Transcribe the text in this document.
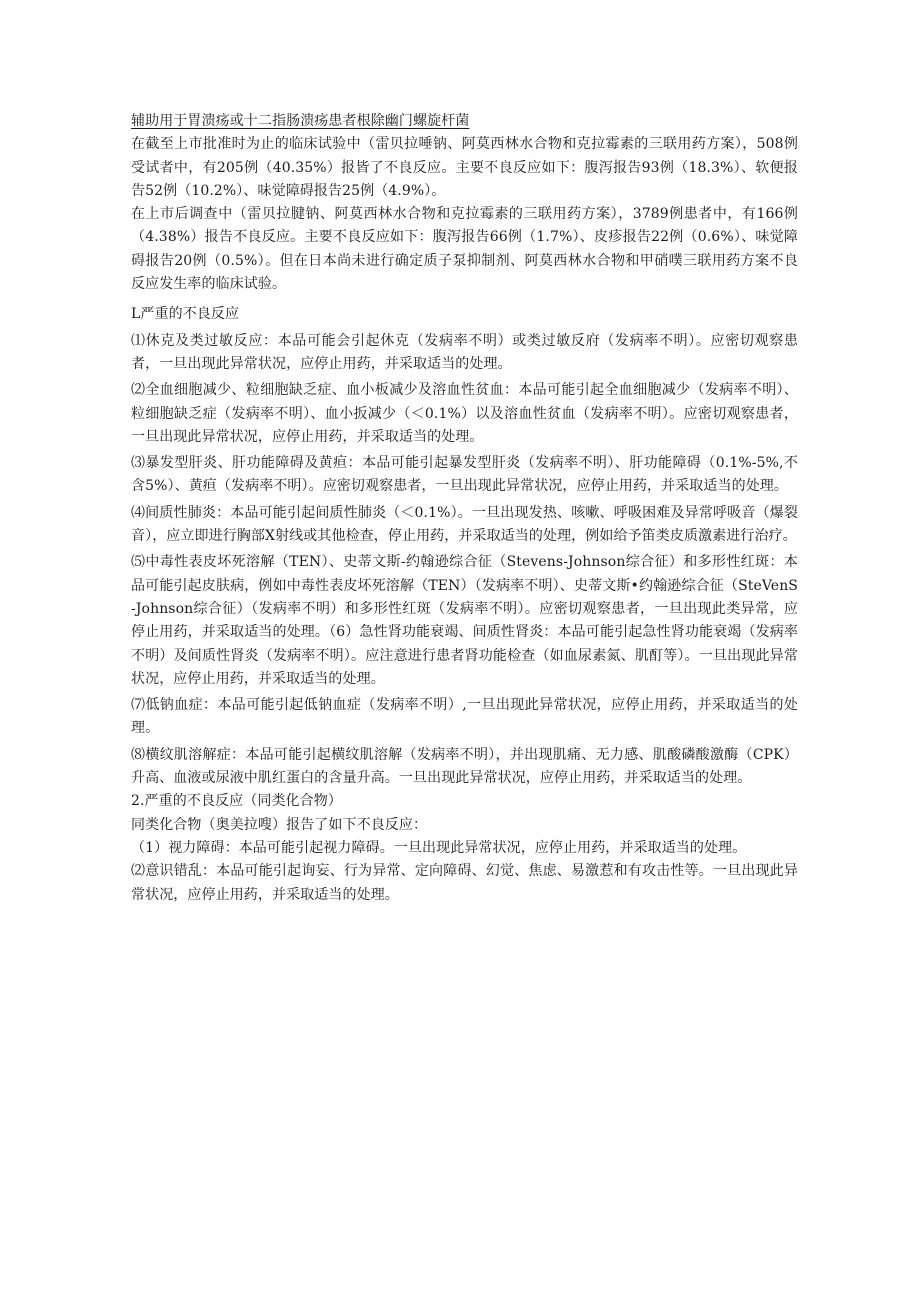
辅助用于胃溃疡或十二指肠溃疡患者根除幽门螺旋杆菌

在截至上市批准时为止的临床试验中（雷贝拉唾钠、阿莫西林水合物和克拉霉素的三联用药方案），508例受试者中，有205例（40.35%）报皆了不良反应。主要不良反应如下：腹泻报告93例（18.3%）、软便报告52例（10.2%）、味觉障碍报告25例（4.9%）。

在上市后调查中（雷贝拉腱钠、阿莫西林水合物和克拉霉素的三联用药方案），3789例患者中，有166例（4.38%）报告不良反应。主要不良反应如下：腹泻报告66例（1.7%）、皮疹报告22例（0.6%）、味觉障碍报告20例（0.5%）。但在日本尚未进行确定质子泵抑制剂、阿莫西林水合物和甲硝噗三联用药方案不良反应发生率的临床试验。

L严重的不良反应

⑴休克及类过敏反应：本品可能会引起休克（发病率不明）或类过敏反府（发病率不明）。应密切观察患者，一旦出现此异常状况，应停止用药，并采取适当的处理。

⑵全血细胞减少、粒细胞缺乏症、血小板减少及溶血性贫血：本品可能引起全血细胞减少（发病率不明）、粒细胞缺乏症（发病率不明）、血小扳减少（＜0.1%）以及溶血性贫血（发病率不明）。应密切观察患者，一旦出现此异常状况，应停止用药，并采取适当的处理。

⑶暴发型肝炎、肝功能障碍及黄疸：本品可能引起暴发型肝炎（发病率不明）、肝功能障碍（0.1%-5%,不含5%）、黄疸（发病率不明）。应密切观察患者，一旦出现此异常状况，应停止用药，并采取适当的处理。

⑷间质性肺炎：本品可能引起间质性肺炎（＜0.1%）。一旦出现发热、咳嗽、呼吸困难及异常呼吸音（爆裂音），应立即进行胸部X射线或其他检查，停止用药，并采取适当的处理，例如给予笛类皮质激素进行治疗。

⑸中毒性表皮坏死溶解（TEN）、史蒂文斯-约翰逊综合征（Stevens-Johnson综合征）和多形性红斑：本品可能引起皮肤病，例如中毒性表皮坏死溶解（TEN）（发病率不明）、史蒂文斯•约翰逊综合征（SteVenS-Johnson综合征）（发病率不明）和多形性红斑（发病率不明）。应密切观察患者，一旦出现此类异常，应停止用药，并采取适当的处理。（6）急性肾功能衰竭、间质性肾炎：本品可能引起急性肾功能衰竭（发病率不明）及间质性肾炎（发病率不明）。应注意进行患者肾功能检查（如血尿素氮、肌酊等）。一旦出现此异常状况，应停止用药，并采取适当的处理。

⑺低钠血症：本品可能引起低钠血症（发病率不明）,一旦出现此异常状况，应停止用药，并采取适当的处理。

⑻横纹肌溶解症：本品可能引起横纹肌溶解（发病率不明），并出现肌痛、无力感、肌酸磷酸激酶（CPK）升高、血液或尿液中肌红蛋白的含量升高。一旦出现此异常状况，应停止用药，并采取适当的处理。

2.严重的不良反应（同类化合物）

同类化合物（奥美拉嗖）报告了如下不良反应：

（1）视力障碍：本品可能引起视力障碍。一旦出现此异常状况，应停止用药，并采取适当的处理。

⑵意识错乱：本品可能引起询妄、行为异常、定向障碍、幻觉、焦虑、易激惹和有攻击性等。一旦出现此异常状况，应停止用药，并采取适当的处理。
